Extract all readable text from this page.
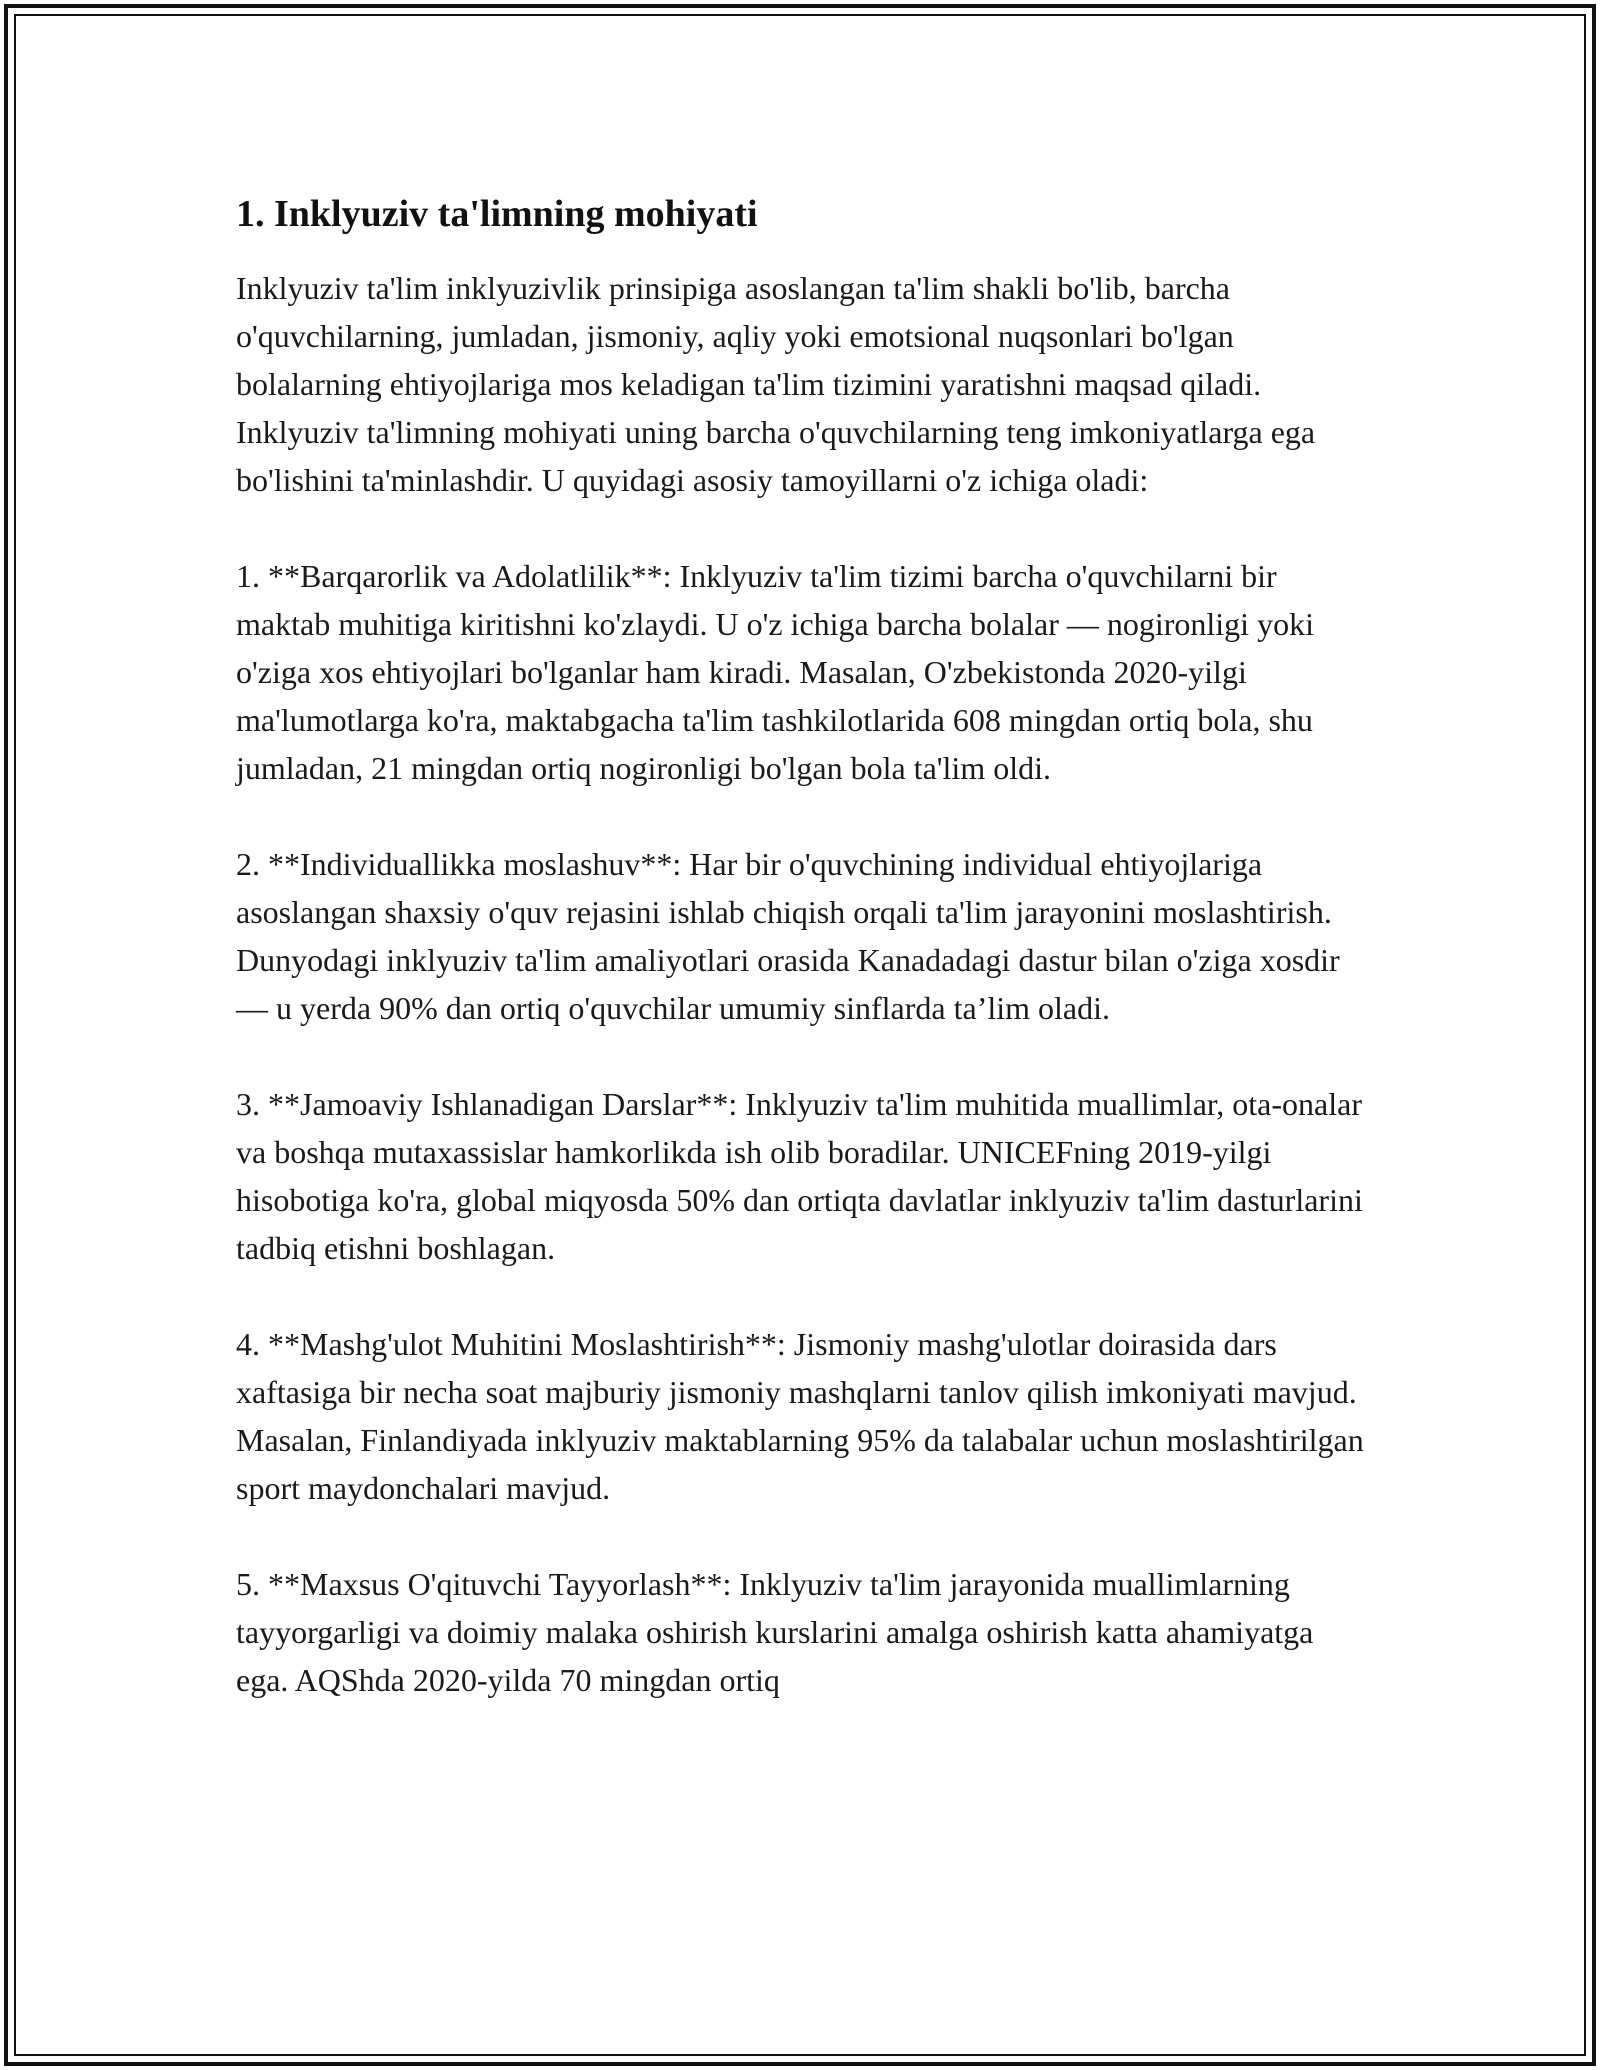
1. Inklyuziv ta'limning mohiyati

Inklyuziv ta'lim inklyuzivlik prinsipiga asoslangan ta'lim shakli bo'lib, barcha o'quvchilarning, jumladan, jismoniy, aqliy yoki emotsional nuqsonlari bo'lgan bolalarning ehtiyojlariga mos keladigan ta'lim tizimini yaratishni maqsad qiladi. Inklyuziv ta'limning mohiyati uning barcha o'quvchilarning teng imkoniyatlarga ega bo'lishini ta'minlashdir. U quyidagi asosiy tamoyillarni o'z ichiga oladi:

1. **Barqarorlik va Adolatlilik**: Inklyuziv ta'lim tizimi barcha o'quvchilarni bir maktab muhitiga kiritishni ko'zlaydi. U o'z ichiga barcha bolalar — nogironligi yoki o'ziga xos ehtiyojlari bo'lganlar ham kiradi. Masalan, O'zbekistonda 2020-yilgi ma'lumotlarga ko'ra, maktabgacha ta'lim tashkilotlarida 608 mingdan ortiq bola, shu jumladan, 21 mingdan ortiq nogironligi bo'lgan bola ta'lim oldi.

2. **Individuallikka moslashuv**: Har bir o'quvchining individual ehtiyojlariga asoslangan shaxsiy o'quv rejasini ishlab chiqish orqali ta'lim jarayonini moslashtirish. Dunyodagi inklyuziv ta'lim amaliyotlari orasida Kanadadagi dastur bilan o'ziga xosdir — u yerda 90% dan ortiq o'quvchilar umumiy sinflarda ta’lim oladi.

3. **Jamoaviy Ishlanadigan Darslar**: Inklyuziv ta'lim muhitida muallimlar, ota-onalar va boshqa mutaxassislar hamkorlikda ish olib boradilar. UNICEFning 2019-yilgi hisobotiga ko'ra, global miqyosda 50% dan ortiqta davlatlar inklyuziv ta'lim dasturlarini tadbiq etishni boshlagan.

4. **Mashg'ulot Muhitini Moslashtirish**: Jismoniy mashg'ulotlar doirasida dars xaftasiga bir necha soat majburiy jismoniy mashqlarni tanlov qilish imkoniyati mavjud. Masalan, Finlandiyada inklyuziv maktablarning 95% da talabalar uchun moslashtirilgan sport maydonchalari mavjud.

5. **Maxsus O'qituvchi Tayyorlash**: Inklyuziv ta'lim jarayonida muallimlarning tayyorgarligi va doimiy malaka oshirish kurslarini amalga oshirish katta ahamiyatga ega. AQShda 2020-yilda 70 mingdan ortiq
